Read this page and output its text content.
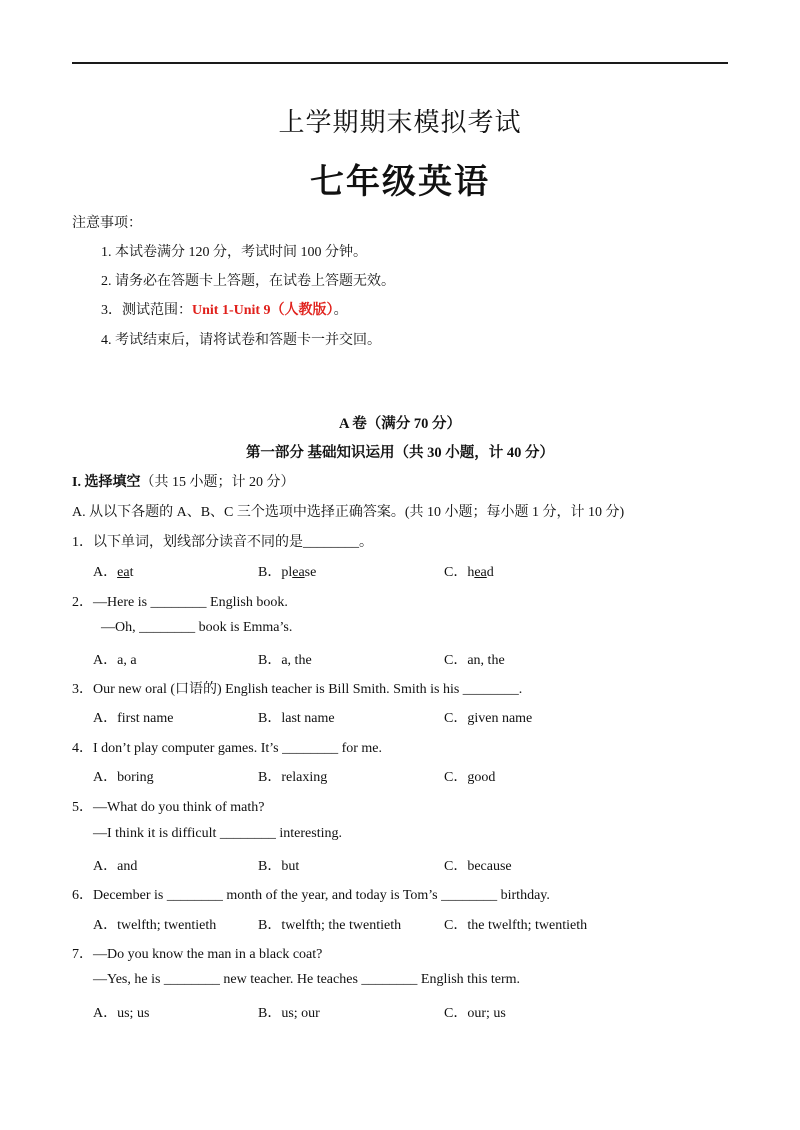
上学期期末模拟考试
七年级英语
注意事项：
1. 本试卷满分 120 分，考试时间 100 分钟。
2. 请务必在答题卡上答题，在试卷上答题无效。
3．测试范围：Unit 1-Unit 9（人教版）。
4. 考试结束后，请将试卷和答题卡一并交回。
A 卷（满分 70 分）
第一部分 基础知识运用（共 30 小题，计 40 分）
I. 选择填空（共 15 小题；计 20 分）
A. 从以下各题的 A、B、C 三个选项中选择正确答案。(共 10 小题；每小题 1 分，计 10 分)
1．以下单词，划线部分读音不同的是________。
A．eat	B．please	C．head
2．—Here is ________ English book.
—Oh, ________ book is Emma’s.
A．a, a	B．a, the	C．an, the
3．Our new oral (口语的) English teacher is Bill Smith. Smith is his ________.
A．first name	B．last name	C．given name
4．I don’t play computer games. It’s ________ for me.
A．boring	B．relaxing	C．good
5．—What do you think of math?
—I think it is difficult ________ interesting.
A．and	B．but	C．because
6．December is ________ month of the year, and today is Tom’s ________ birthday.
A．twelfth; twentieth	B．twelfth; the twentieth	C．the twelfth; twentieth
7．—Do you know the man in a black coat?
—Yes, he is ________ new teacher. He teaches ________ English this term.
A．us; us	B．us; our	C．our; us
